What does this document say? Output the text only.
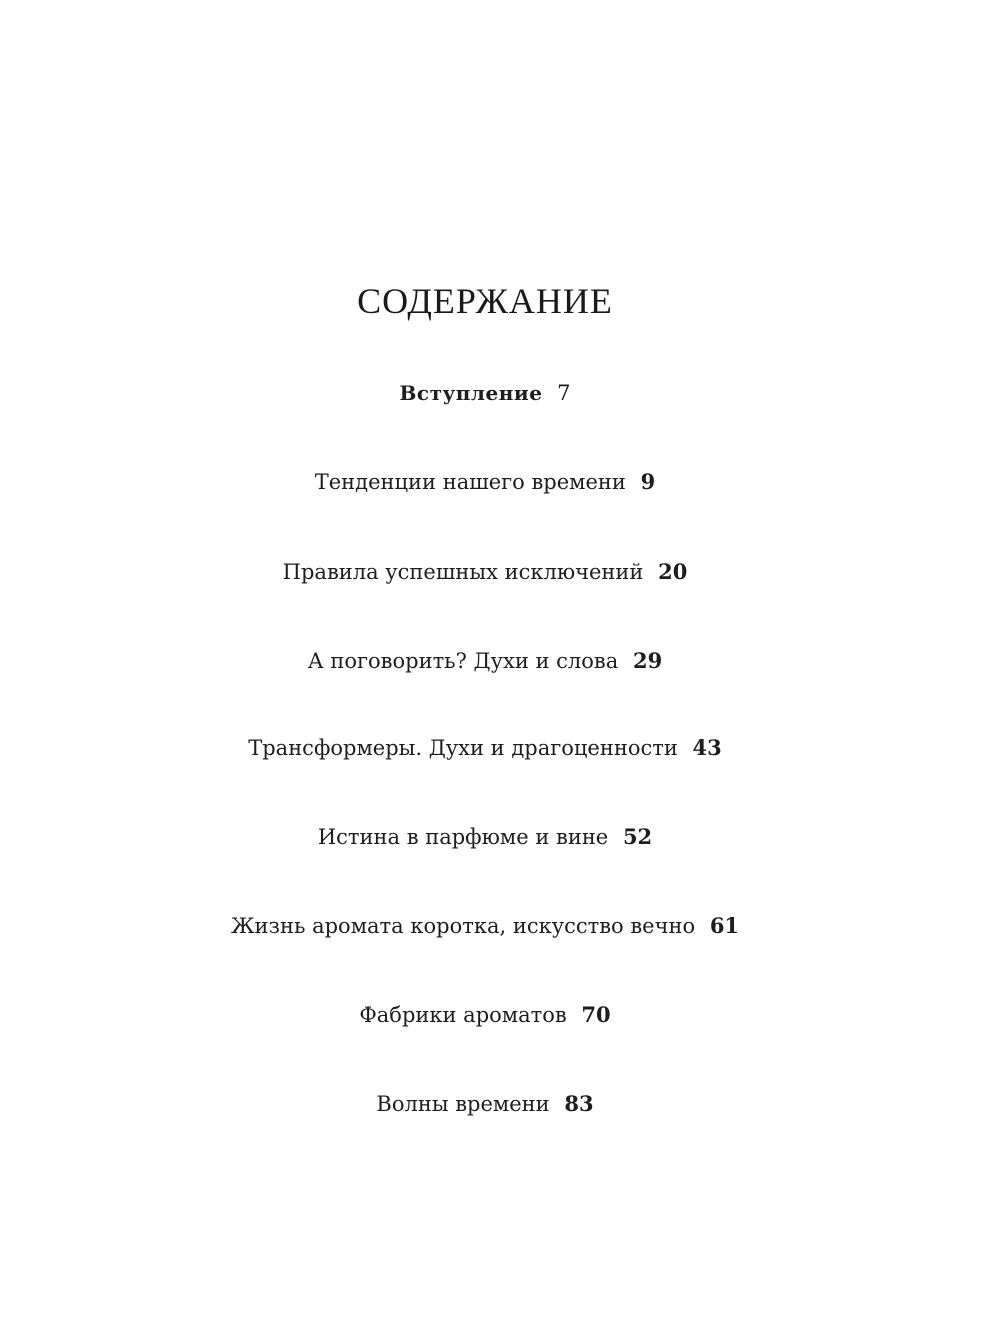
СОДЕРЖАНИЕ
Вступление 7
Тенденции нашего времени 9
Правила успешных исключений 20
А поговорить? Духи и слова 29
Трансформеры. Духи и драгоценности 43
Истина в парфюме и вине 52
Жизнь аромата коротка, искусство вечно 61
Фабрики ароматов 70
Волны времени 83
